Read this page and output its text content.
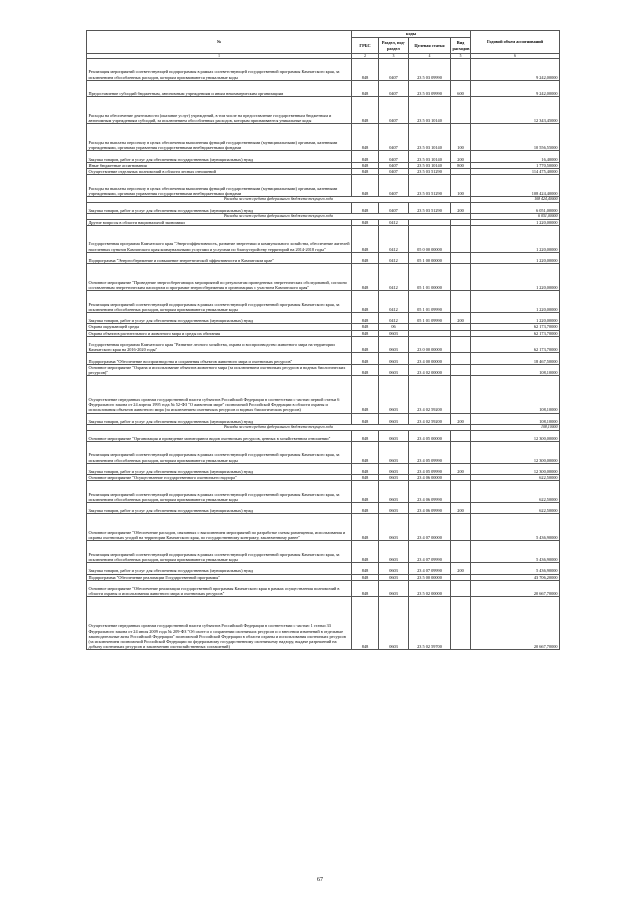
№	коды				Годовой объем ассигнований
	ГРБС	Раздел, под-раздел	Целевая статья	Вид расходов	
1	2	3	4	5	6
Реализация мероприятий соответствующей подпрограммы в рамках соответствующей государственной программы Камчатского края, за исключением обособленных расходов, которым присваиваются уникальные коды	848	0407	23 5 03 09990		9 242,00000
Предоставление субсидий бюджетным, автономным учреждениям и иным некоммерческим организациям	848	0407	23 5 03 09990	600	9 242,00000
Расходы на обеспечение деятельности (оказание услуг) учреждений, в том числе на предоставление государственным бюджетным и автономным учреждениям субсидий, за исключением обособленных расходов, которым присваиваются уникальные коды	848	0407	23 5 03 10140		12 343,45000
Расходы на выплаты персоналу в целях обеспечения выполнения функций государственными (муниципальными) органами, казенными учреждениями, органами управления государственными внебюджетными фондами	848	0407	23 5 03 10140	100	10 556,55000
Закупка товаров, работ и услуг для обеспечения государственных (муниципальных) нужд	848	0407	23 5 03 10140	200	16,40000
Иные бюджетные ассигнования	848	0407	23 5 03 10140	800	1 770,50000
Осуществление отдельных полномочий в области лесных отношений	848	0407	23 5 03 51290		114 475,40000
Расходы на выплаты персоналу в целях обеспечения выполнения функций государственными (муниципальными) органами, казенными учреждениями, органами управления государственными внебюджетными фондами	848	0407	23 5 03 51290	100	108 424,40000
Расходы за счет средств федерального бюджета текущего года					108 424,40000
Закупка товаров, работ и услуг для обеспечения государственных (муниципальных) нужд	848	0407	23 5 03 51290	200	6 051,00000
Расходы за счет средств федерального бюджета текущего года					6 051,00000
Другие вопросы в области национальной экономики	848	0412			1 220,00000
Государственная программа Камчатского края "Энергоэффективность, развитие энергетики и коммунального хозяйства, обеспечение жителей населенных пунктов Камчатского края коммунальными услугами и услугами по благоустройству территорий на 2014-2018 годы"	848	0412	05 0 00 00000		1 220,00000
Подпрограмма "Энергосбережение и повышение энергетической эффективности в Камчатском крае"	848	0412	05 1 00 00000		1 220,00000
Основное мероприятие "Проведение энергосберегающих мероприятий по результатам проведенных энергетических обследований, согласно составленным энергетическим паспортам и программе энергосбережения в организациях с участием Камчатского края"	848	0412	05 1 01 00000		1 220,00000
Реализация мероприятий соответствующей подпрограммы в рамках соответствующей государственной программы Камчатского края, за исключением обособленных расходов, которым присваиваются уникальные коды	848	0412	05 1 01 09990		1 220,00000
Закупка товаров, работ и услуг для обеспечения государственных (муниципальных) нужд	848	0412	05 1 01 09990	200	1 220,00000
Охрана окружающей среды	848	06			62 173,70000
Охрана объектов растительного и животного мира и среды их обитания	848	0603			62 173,70000
Государственная программа Камчатского края "Развитие лесного хозяйства, охрана и воспроизводство животного мира на территории Камчатского края на 2016-2020 годы"	848	0603	23 0 00 00000		62 173,70000
Подпрограмма "Обеспечение воспроизводства и сохранения объектов животного мира и охотничьих ресурсов"	848	0603	23 4 00 00000		18 467,50000
Основное мероприятие "Охрана и использование объектов животного мира (за исключением охотничьих ресурсов и водных биологических ресурсов)"	848	0603	23 4 02 00000		108,10000
Осуществление переданных органам государственной власти субъектов Российской Федерации в соответствии с частью первой статьи 6 Федерального закона от 24 апреля 1995 года № 52-ФЗ "О животном мире" полномочий Российской Федерации в области охраны и использования объектов животного мира (за исключением охотничьих ресурсов и водных биологических ресурсов)	848	0603	23 4 02 59200		108,10000
Закупка товаров, работ и услуг для обеспечения государственных (муниципальных) нужд	848	0603	23 4 02 59200	200	108,10000
Расходы за счет средств федерального бюджета текущего года					108,10000
Основное мероприятие "Организация и проведение мониторинга видов охотничьих ресурсов, ценных в хозяйственном отношении"	848	0603	23 4 05 00000		12 300,00000
Реализация мероприятий соответствующей подпрограммы в рамках соответствующей государственной программы Камчатского края, за исключением обособленных расходов, которым присваиваются уникальные коды	848	0603	23 4 05 09990		12 300,00000
Закупка товаров, работ и услуг для обеспечения государственных (муниципальных) нужд	848	0603	23 4 05 09990	200	12 300,00000
Основное мероприятие "Осуществление государственного охотничьего надзора"	848	0603	23 4 06 00000		622,50000
Реализация мероприятий соответствующей подпрограммы в рамках соответствующей государственной программы Камчатского края, за исключением обособленных расходов, которым присваиваются уникальные коды	848	0603	23 4 06 09990		622,50000
Закупка товаров, работ и услуг для обеспечения государственных (муниципальных) нужд	848	0603	23 4 06 09990	200	622,50000
Основное мероприятие "Обеспечение расходов, связанных с выполнением мероприятий по разработке схемы размещения, использования и охраны охотничьих угодий на территории Камчатского края, по государственному контракту, заключенному ранее"	848	0603	23 4 07 00000		5 436,90000
Реализация мероприятий соответствующей подпрограммы в рамках соответствующей государственной программы Камчатского края, за исключением обособленных расходов, которым присваиваются уникальные коды	848	0603	23 4 07 09990		5 436,90000
Закупка товаров, работ и услуг для обеспечения государственных (муниципальных) нужд	848	0603	23 4 07 09990	200	5 436,90000
Подпрограмма "Обеспечение реализации Государственной программы"	848	0603	23 5 00 00000		43 706,20000
Основное мероприятие "Обеспечение реализации государственной программы Камчатского края в рамках осуществления полномочий в области охраны и использования животного мира и охотничьих ресурсов"	848	0603	23 5 02 00000		20 667,70000
Осуществление переданных органам государственной власти субъектов Российской Федерации в соответствии с частью 1 статьи 33 Федерального закона от 24 июля 2009 года № 209-ФЗ "Об охоте и о сохранении охотничьих ресурсов и о внесении изменений в отдельные законодательные акты Российской Федерации" полномочий Российской Федерации в области охраны и использования охотничьих ресурсов (за исключением полномочий Российской Федерации по федеральному государственному охотничьему надзору, выдаче разрешений на добычу охотничьих ресурсов и заключению охотхозяйственных соглашений)	848	0603	23 5 02 59700		20 667,70000
67
